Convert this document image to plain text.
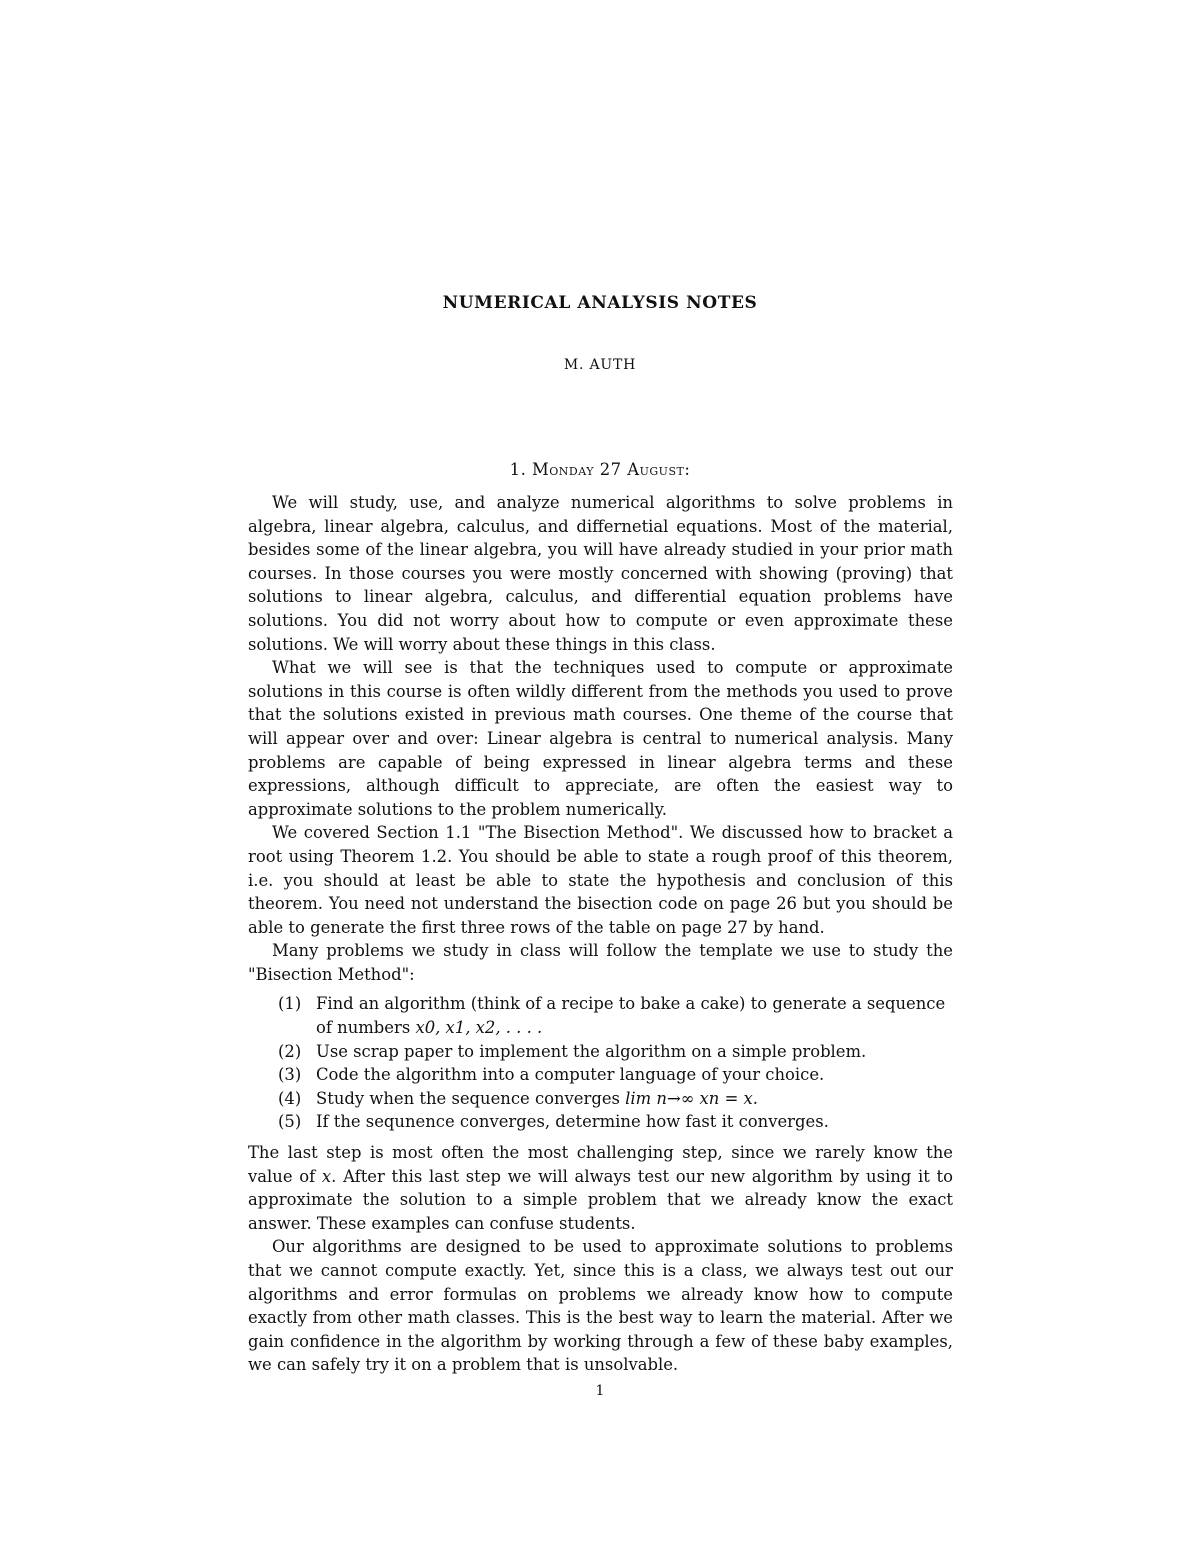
NUMERICAL ANALYSIS NOTES
M. AUTH
1. Monday 27 August:

We will study, use, and analyze numerical algorithms to solve problems in algebra, linear algebra, calculus, and differnetial equations. Most of the material, besides some of the linear algebra, you will have already studied in your prior math courses. In those courses you were mostly concerned with showing (proving) that solutions to linear algebra, calculus, and differential equation problems have solutions. You did not worry about how to compute or even approximate these solutions. We will worry about these things in this class.

What we will see is that the techniques used to compute or approximate solutions in this course is often wildly different from the methods you used to prove that the solutions existed in previous math courses. One theme of the course that will appear over and over: Linear algebra is central to numerical analysis. Many problems are capable of being expressed in linear algebra terms and these expressions, although difficult to appreciate, are often the easiest way to approximate solutions to the problem numerically.

We covered Section 1.1 "The Bisection Method". We discussed how to bracket a root using Theorem 1.2. You should be able to state a rough proof of this theorem, i.e. you should at least be able to state the hypothesis and conclusion of this theorem. You need not understand the bisection code on page 26 but you should be able to generate the first three rows of the table on page 27 by hand.

Many problems we study in class will follow the template we use to study the "Bisection Method":

(1) Find an algorithm (think of a recipe to bake a cake) to generate a sequence of numbers x0, x1, x2, . . . .
(2) Use scrap paper to implement the algorithm on a simple problem.
(3) Code the algorithm into a computer language of your choice.
(4) Study when the sequence converges lim n→∞ xn = x.
(5) If the sequnence converges, determine how fast it converges.

The last step is most often the most challenging step, since we rarely know the value of x. After this last step we will always test our new algorithm by using it to approximate the solution to a simple problem that we already know the exact answer. These examples can confuse students.

Our algorithms are designed to be used to approximate solutions to problems that we cannot compute exactly. Yet, since this is a class, we always test out our algorithms and error formulas on problems we already know how to compute exactly from other math classes. This is the best way to learn the material. After we gain confidence in the algorithm by working through a few of these baby examples, we can safely try it on a problem that is unsolvable.

1
